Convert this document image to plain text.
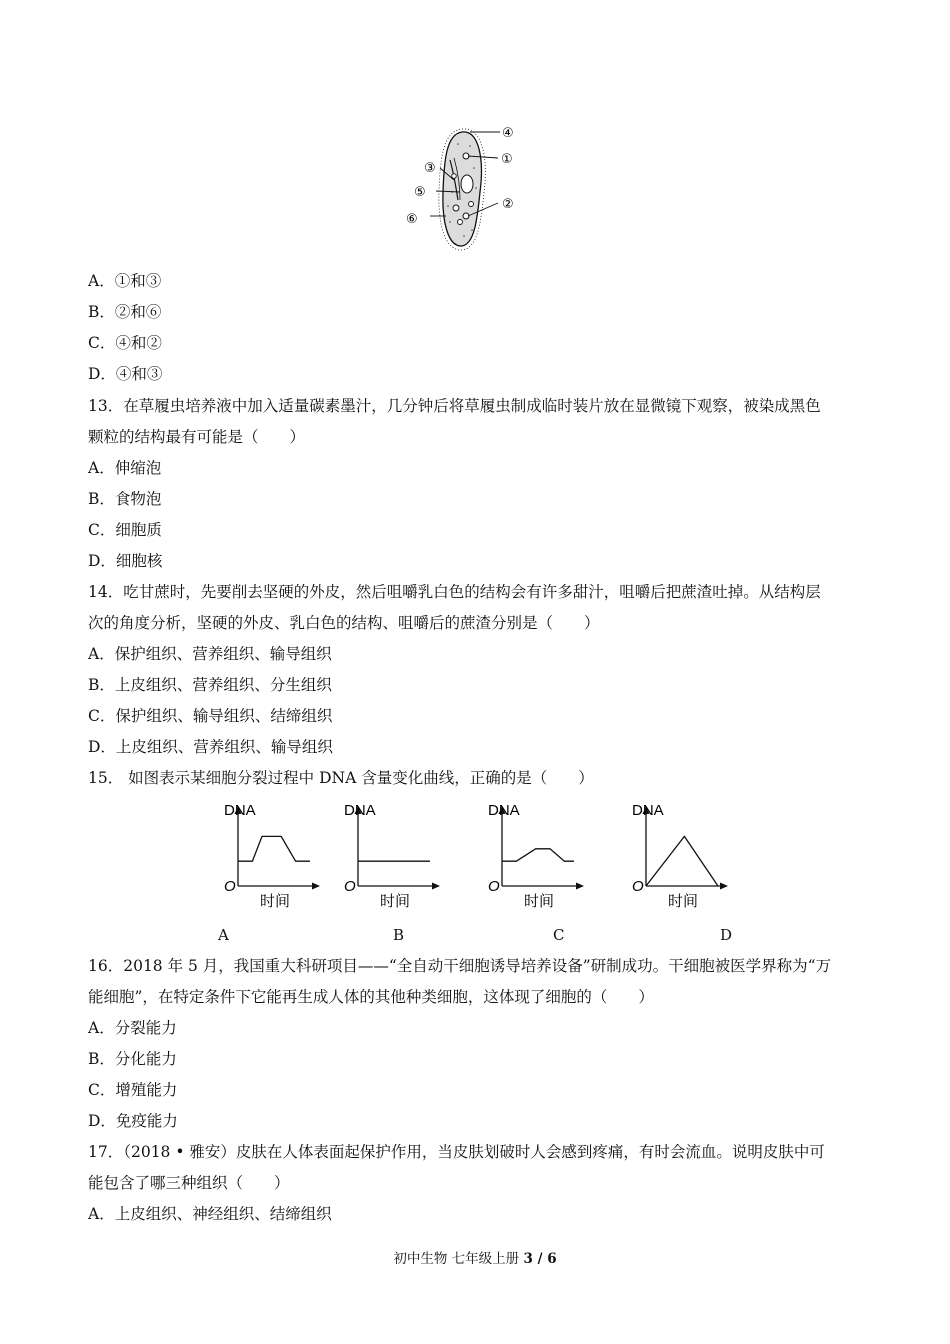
④
①
③
⑤
②
⑥
A．①和③
B．②和⑥
C．④和②
D．④和③
13．在草履虫培养液中加入适量碳素墨汁，几分钟后将草履虫制成临时装片放在显微镜下观察，被染成黑色
颗粒的结构最有可能是（　　）
A．伸缩泡
B．食物泡
C．细胞质
D．细胞核
14．吃甘蔗时，先要削去坚硬的外皮，然后咀嚼乳白色的结构会有许多甜汁，咀嚼后把蔗渣吐掉。从结构层
次的角度分析，坚硬的外皮、乳白色的结构、咀嚼后的蔗渣分别是（　　）
A．保护组织、营养组织、输导组织
B．上皮组织、营养组织、分生组织
C．保护组织、输导组织、结缔组织
D．上皮组织、营养组织、输导组织
15． 如图表示某细胞分裂过程中 DNA 含量变化曲线，正确的是（　　）
DNA
时间
O
DNA
时间
O
DNA
时间
O
DNA
时间
O
A	B	C	D
16．2018 年 5 月，我国重大科研项目——“全自动干细胞诱导培养设备”研制成功。干细胞被医学界称为“万
能细胞”，在特定条件下它能再生成人体的其他种类细胞，这体现了细胞的（　　）
A．分裂能力
B．分化能力
C．增殖能力
D．免疫能力
17．（2018 • 雅安）皮肤在人体表面起保护作用，当皮肤划破时人会感到疼痛，有时会流血。说明皮肤中可
能包含了哪三种组织（　　）
A．上皮组织、神经组织、结缔组织
初中生物 七年级上册 3 / 6
